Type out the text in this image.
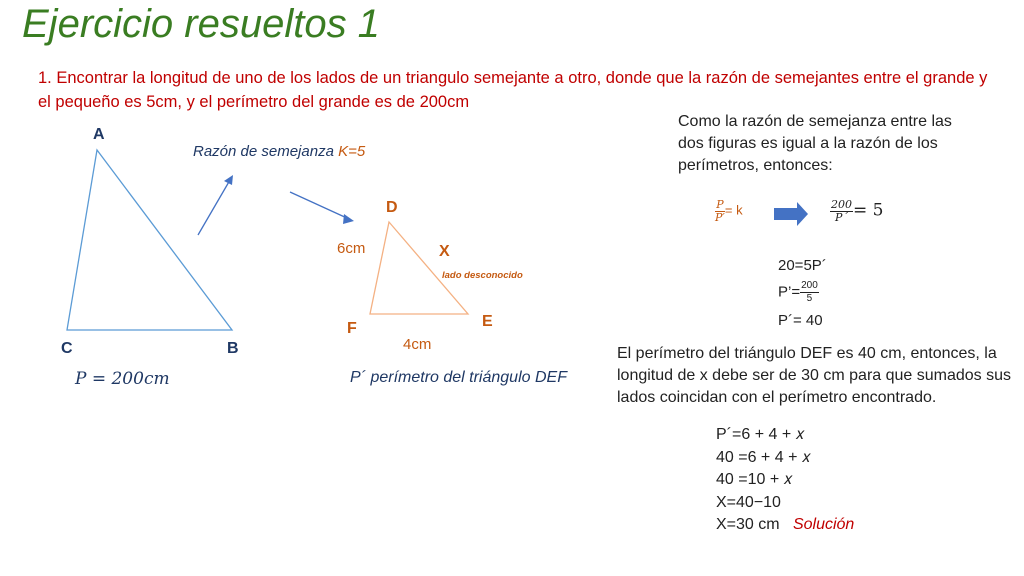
Ejercicio resueltos 1
1. Encontrar la longitud de uno de los lados de un triangulo semejante a otro, donde que la razón de semejantes entre el grande y el pequeño es 5cm, y el perímetro del grande es de 200cm
A
C	B
P = 200cm
Razón de semejanza K=5
D
E
F
6cm
4cm
X
lado desconocido
P´ perímetro del triángulo DEF
Como la razón de semejanza entre las dos figuras es igual a la razón de los perímetros, entonces:
$\frac{P}{P'} = k$	$\frac{200}{P´} = 5$
20=5P´
P’= $\frac{200}{5}$
P´= 40
El perímetro del triángulo DEF es 40 cm, entonces, la longitud de x debe ser de 30 cm para que sumados sus lados coincidan con el perímetro encontrado.
P´=6 + 4 + 𝑥
40 =6 + 4 + 𝑥
40 =10 + 𝑥
X=40−10
X=30 cm Solución
